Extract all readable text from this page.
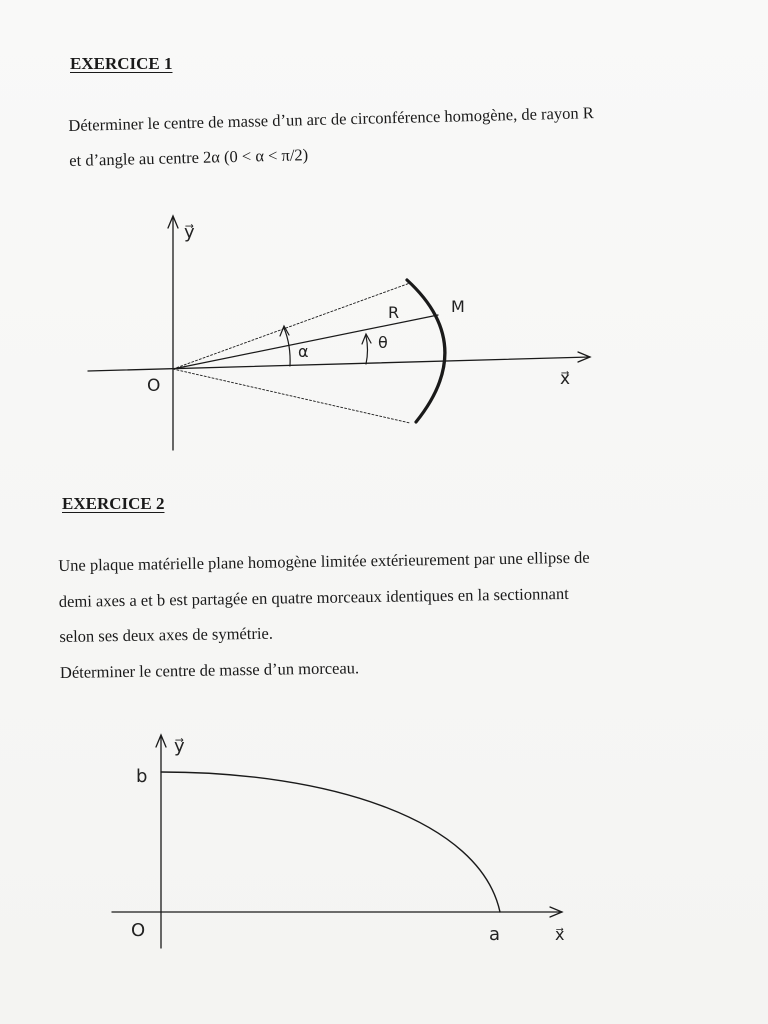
EXERCICE 1
Déterminer le centre de masse d’un arc de circonférence homogène, de rayon R
et d’angle au centre 2α (0 < α < π/2)
y⃗
x⃗
O
R	M
α	θ
EXERCICE 2
Une plaque matérielle plane homogène limitée extérieurement par une ellipse de
demi axes a et b est partagée en quatre morceaux identiques en la sectionnant
selon ses deux axes de symétrie.
Déterminer le centre de masse d’un morceau.
y⃗
b
O	a	x⃗
